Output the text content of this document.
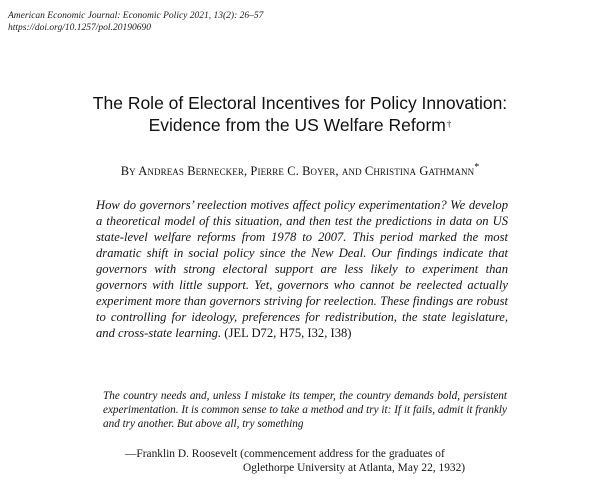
American Economic Journal: Economic Policy 2021, 13(2): 26–57
https://doi.org/10.1257/pol.20190690
The Role of Electoral Incentives for Policy Innovation:
Evidence from the US Welfare Reform†
By Andreas Bernecker, Pierre C. Boyer, and Christina Gathmann*
How do governors’ reelection motives affect policy experimentation? We develop a theoretical model of this situation, and then test the predictions in data on US state-level welfare reforms from 1978 to 2007. This period marked the most dramatic shift in social policy since the New Deal. Our findings indicate that governors with strong electoral support are less likely to experiment than governors with little support. Yet, governors who cannot be reelected actually experiment more than governors striving for reelection. These findings are robust to controlling for ideology, preferences for redistribution, the state legislature, and cross-state learning. (JEL D72, H75, I32, I38)
The country needs and, unless I mistake its temper, the country demands bold, persistent experimentation. It is common sense to take a method and try it: If it fails, admit it frankly and try another. But above all, try something
—Franklin D. Roosevelt (commencement address for the graduates of
Oglethorpe University at Atlanta, May 22, 1932)
